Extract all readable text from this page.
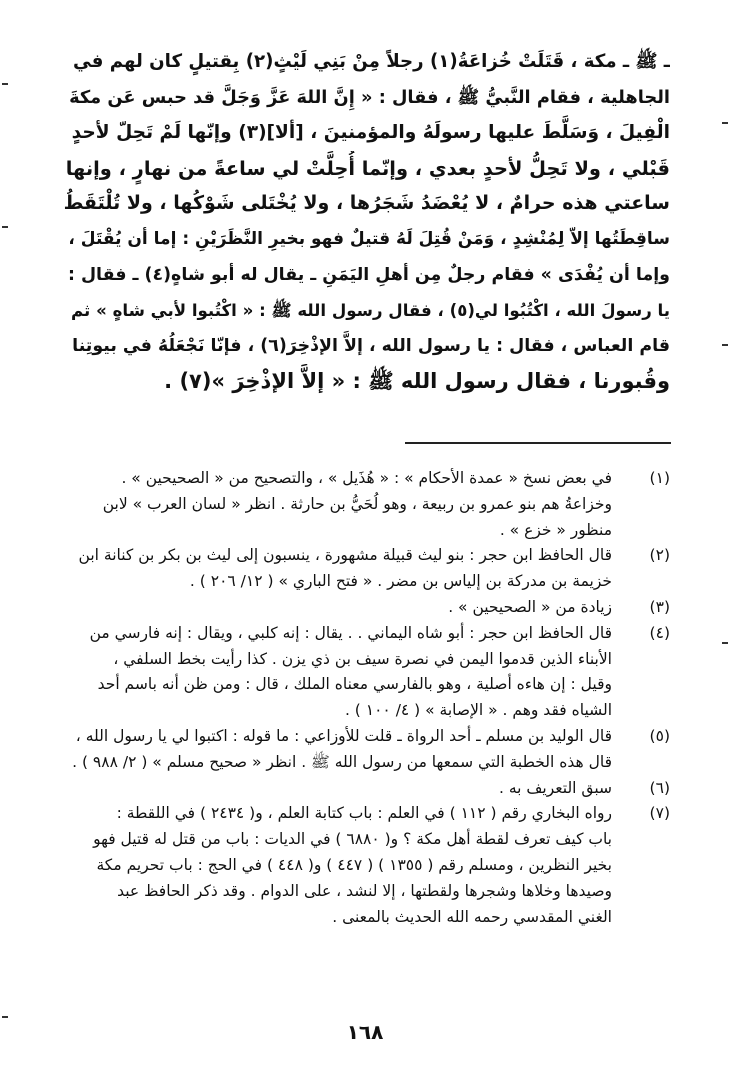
ـ ﷺ ـ مكة ، قَتَلَتْ خُزاعَةُ(١) رجلاً مِنْ بَنِي لَيْثٍ(٢) بِقتيلٍ كان لهم في
الجاهلية ، فقام النَّبيُّ ﷺ ، فقال : « إِنَّ اللهَ عَزَّ وَجَلَّ قد حبس عَن مكةَ
الْفِيلَ ، وَسَلَّطَ عليها رسولَهُ والمؤمنينَ ، [ألا](٣) وإنّها لَمْ تَحِلّ لأحدٍ
قَبْلي ، ولا تَحِلُّ لأحدٍ بعدي ، وإنّما أُحِلَّتْ لي ساعةً من نهارٍ ، وإنها
ساعتي هذه حرامٌ ، لا يُعْضَدُ شَجَرُها ، ولا يُخْتَلى شَوْكُها ، ولا تُلْتَقَطُ
ساقِطَتُها إلاّ لِمُنْشِدٍ ، وَمَنْ قُتِلَ لَهُ قتيلٌ فهو بخيرِ النَّظَرَيْنِ : إما أن يُقْتَلَ ،
وإما أن يُفْدَى » فقام رجلٌ مِن أهلِ اليَمَنِ ـ يقال له أبو شاهٍ(٤) ـ فقال :
يا رسولَ الله ، اكْتُبُوا لي(٥) ، فقال رسول الله ﷺ : « اكْتُبوا لأبي شاهٍ » ثم
قام العباس ، فقال : يا رسول الله ، إلاَّ الإذْخِرَ(٦) ، فإنّا نَجْعَلُهُ في بيوتِنا
وقُبورنا ، فقال رسول الله ﷺ : « إلاَّ الإذْخِرَ »(٧) .
(١)
في بعض نسخ « عمدة الأحكام » : « هُذَيل » ، والتصحيح من « الصحيحين » .
وخزاعةُ هم بنو عمرو بن ربيعة ، وهو لُحَيُّ بن حارثة . انظر « لسان العرب » لابن
منظور « خزع » .
(٢)
قال الحافظ ابن حجر : بنو ليث قبيلة مشهورة ، ينسبون إلى ليث بن بكر بن كنانة ابن
خزيمة بن مدركة بن إلياس بن مضر . « فتح الباري » ( ١٢/ ٢٠٦ ) .
(٣)
زيادة من « الصحيحين » .
(٤)
قال الحافظ ابن حجر : أبو شاه اليماني . . يقال : إنه كلبي ، ويقال : إنه فارسي من
الأبناء الذين قدموا اليمن في نصرة سيف بن ذي يزن . كذا رأيت بخط السلفي ،
وقيل : إن هاءه أصلية ، وهو بالفارسي معناه الملك ، قال : ومن ظن أنه باسم أحد
الشياه فقد وهم . « الإصابة » ( ٤/ ١٠٠ ) .
(٥)
قال الوليد بن مسلم ـ أحد الرواة ـ قلت للأوزاعي : ما قوله : اكتبوا لي يا رسول الله ،
قال هذه الخطبة التي سمعها من رسول الله ﷺ . انظر « صحيح مسلم » ( ٢/ ٩٨٨ ) .
(٦)
سبق التعريف به .
(٧)
رواه البخاري رقم ( ١١٢ ) في العلم : باب كتابة العلم ، و( ٢٤٣٤ ) في اللقطة :
باب كيف تعرف لقطة أهل مكة ؟ و( ٦٨٨٠ ) في الديات : باب من قتل له قتيل فهو
بخير النظرين ، ومسلم رقم ( ١٣٥٥ ) ( ٤٤٧ ) و( ٤٤٨ ) في الحج : باب تحريم مكة
وصيدها وخلاها وشجرها ولقطتها ، إلا لنشد ، على الدوام . وقد ذكر الحافظ عبد
الغني المقدسي رحمه الله الحديث بالمعنى .
١٦٨
